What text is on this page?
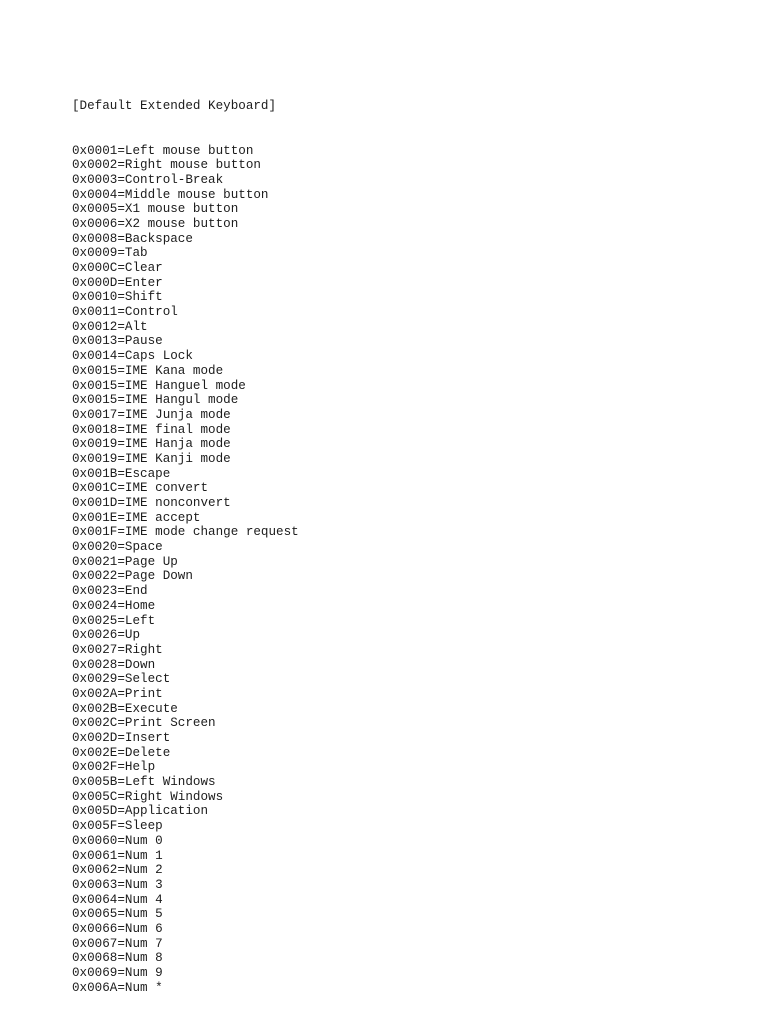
[Default Extended Keyboard]

0x0001=Left mouse button
0x0002=Right mouse button
0x0003=Control-Break
0x0004=Middle mouse button
0x0005=X1 mouse button
0x0006=X2 mouse button
0x0008=Backspace
0x0009=Tab
0x000C=Clear
0x000D=Enter
0x0010=Shift
0x0011=Control
0x0012=Alt
0x0013=Pause
0x0014=Caps Lock
0x0015=IME Kana mode
0x0015=IME Hanguel mode
0x0015=IME Hangul mode
0x0017=IME Junja mode
0x0018=IME final mode
0x0019=IME Hanja mode
0x0019=IME Kanji mode
0x001B=Escape
0x001C=IME convert
0x001D=IME nonconvert
0x001E=IME accept
0x001F=IME mode change request
0x0020=Space
0x0021=Page Up
0x0022=Page Down
0x0023=End
0x0024=Home
0x0025=Left
0x0026=Up
0x0027=Right
0x0028=Down
0x0029=Select
0x002A=Print
0x002B=Execute
0x002C=Print Screen
0x002D=Insert
0x002E=Delete
0x002F=Help
0x005B=Left Windows
0x005C=Right Windows
0x005D=Application
0x005F=Sleep
0x0060=Num 0
0x0061=Num 1
0x0062=Num 2
0x0063=Num 3
0x0064=Num 4
0x0065=Num 5
0x0066=Num 6
0x0067=Num 7
0x0068=Num 8
0x0069=Num 9
0x006A=Num *
